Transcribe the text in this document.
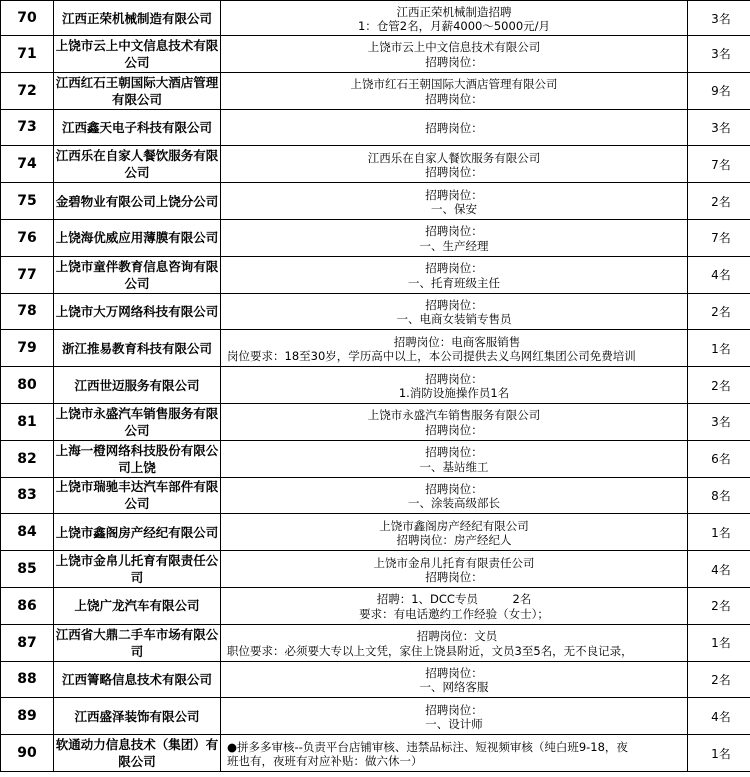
70	江西正荣机械制造有限公司	江西正荣机械制造招聘
1：仓管2名，月薪4000～5000元/月	3名
71	上饶市云上中文信息技术有限公司	上饶市云上中文信息技术有限公司
招聘岗位：	3名
72	江西红石王朝国际大酒店管理有限公司	上饶市红石王朝国际大酒店管理有限公司
招聘岗位：	9名
73	江西鑫天电子科技有限公司	招聘岗位：	3名
74	江西乐在自家人餐饮服务有限公司	江西乐在自家人餐饮服务有限公司
招聘岗位：	7名
75	金碧物业有限公司上饶分公司	招聘岗位：
一、保安	2名
76	上饶海优威应用薄膜有限公司	招聘岗位：
一、生产经理	7名
77	上饶市童伴教育信息咨询有限公司	招聘岗位：
一、托育班级主任	4名
78	上饶市大万网络科技有限公司	招聘岗位：
一、电商女装销专售员	2名
79	浙江推易教育科技有限公司	招聘岗位：电商客服销售
岗位要求：18至30岁，学历高中以上，本公司提供去义乌网红集团公司免费培训	1名
80	江西世迈服务有限公司	招聘岗位：
1.消防设施操作员1名	2名
81	上饶市永盛汽车销售服务有限公司	上饶市永盛汽车销售服务有限公司
招聘岗位：	3名
82	上海一橙网络科技股份有限公司上饶	招聘岗位：
一、基站维工	6名
83	上饶市瑞驰丰达汽车部件有限公司	招聘岗位：
一、涂装高级部长	8名
84	上饶市鑫阁房产经纪有限公司	上饶市鑫阁房产经纪有限公司
招聘岗位：房产经纪人	1名
85	上饶市金帛儿托育有限责任公司	上饶市金帛儿托育有限责任公司
招聘岗位：	4名
86	上饶广龙汽车有限公司	招聘：1、DCC专员　　　2名
要求：有电话邀约工作经验（女士）；	2名
87	江西省大鼎二手车市场有限公司	招聘岗位：文员
职位要求：必须要大专以上文凭，家住上饶县附近，文员3至5名，无不良记录，	1名
88	江西箐略信息技术有限公司	招聘岗位：
一、网络客服	2名
89	江西盛泽装饰有限公司	招聘岗位：
一、设计师	4名
90	软通动力信息技术（集团）有限公司	●拼多多审核--负责平台店铺审核、违禁品标注、短视频审核（纯白班9-18，夜
班也有，夜班有对应补贴：做六休一）	1名
